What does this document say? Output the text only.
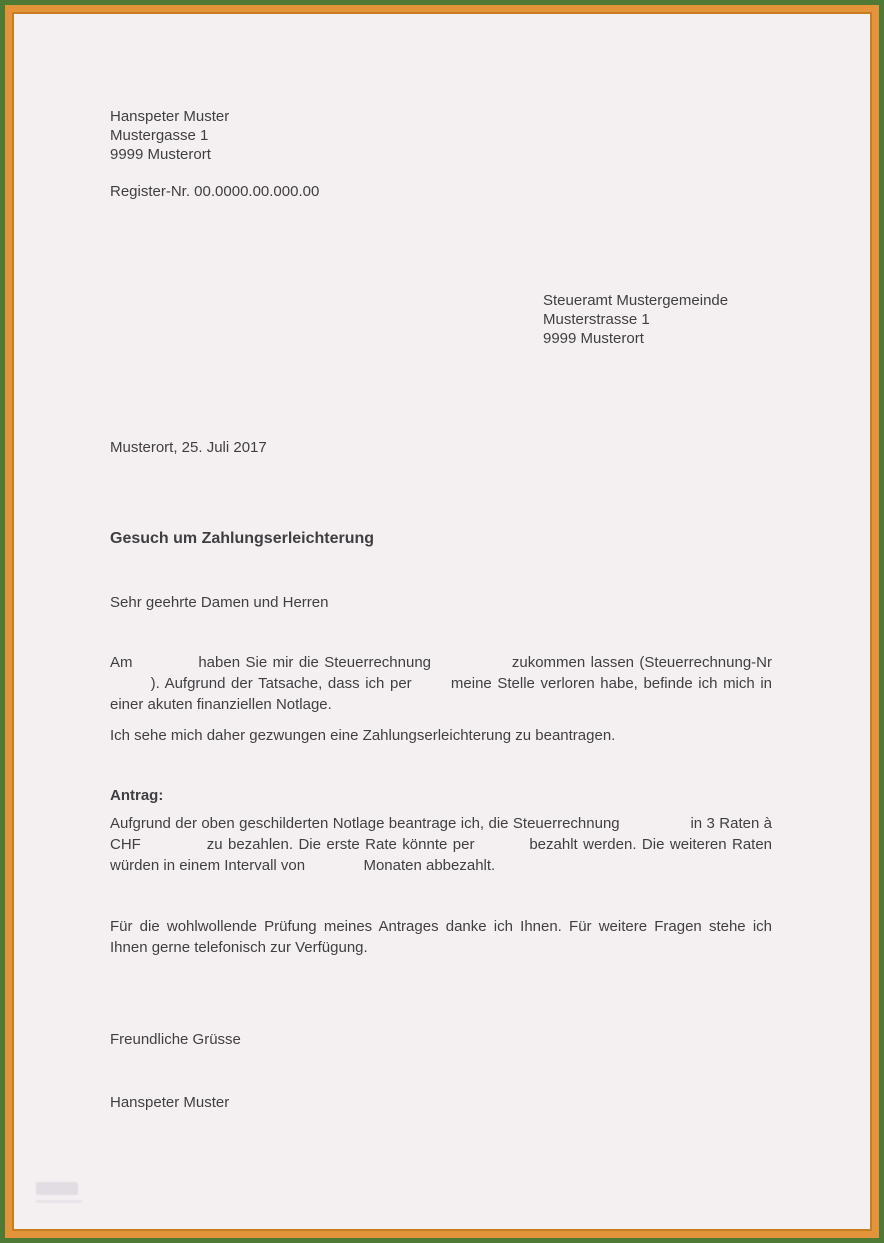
Hanspeter Muster
Mustergasse 1
9999 Musterort
Register-Nr. 00.0000.00.000.00
Steueramt Mustergemeinde
Musterstrasse 1
9999 Musterort
Musterort, 25. Juli 2017
Gesuch um Zahlungserleichterung
Sehr geehrte Damen und Herren

Am	haben Sie mir die Steuerrechnung	zukommen lassen (Steuerrechnung-Nr  ). Aufgrund der Tatsache, dass ich per	meine Stelle verloren habe, befinde ich mich in einer akuten finanziellen Notlage.

Ich sehe mich daher gezwungen eine Zahlungserleichterung zu beantragen.

Antrag:

Aufgrund der oben geschilderten Notlage beantrage ich, die Steuerrechnung	in 3 Raten à CHF	zu bezahlen. Die erste Rate könnte per	bezahlt werden. Die weiteren Raten würden in einem Intervall von	Monaten abbezahlt.

Für die wohlwollende Prüfung meines Antrages danke ich Ihnen. Für weitere Fragen stehe ich Ihnen gerne telefonisch zur Verfügung.

Freundliche Grüsse
Hanspeter Muster
